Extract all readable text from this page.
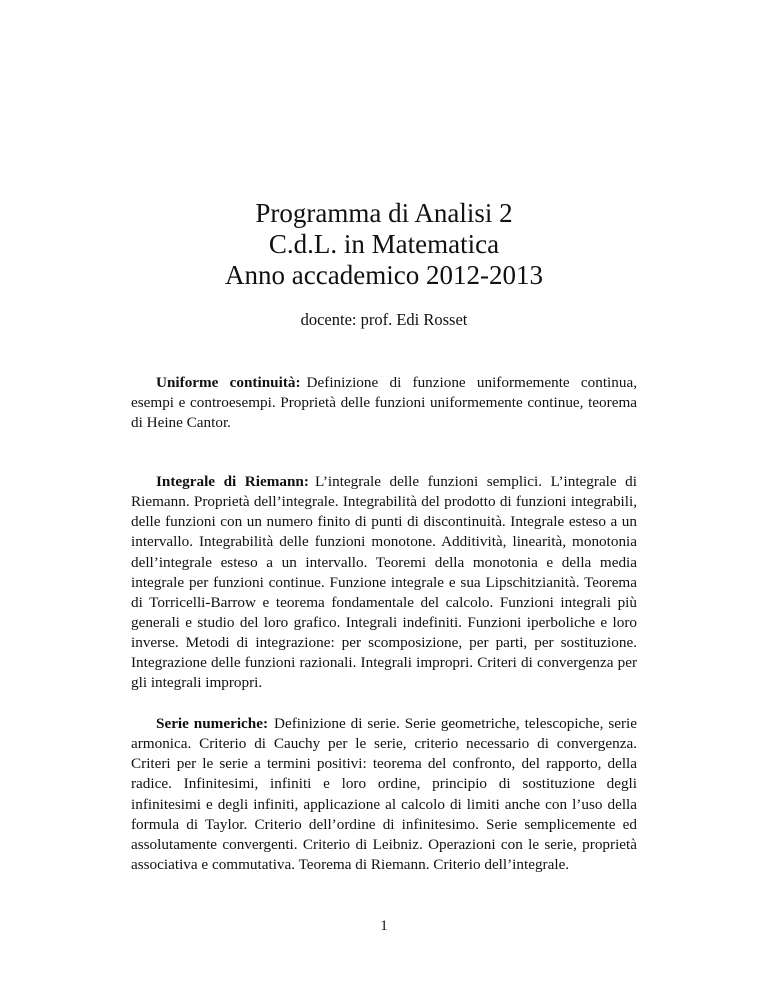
Programma di Analisi 2
C.d.L. in Matematica
Anno accademico 2012-2013
docente: prof. Edi Rosset

Uniforme continuità: Definizione di funzione uniformemente continua, esempi e controesempi. Proprietà delle funzioni uniformemente continue, teorema di Heine Cantor.

Integrale di Riemann: L’integrale delle funzioni semplici. L’integrale di Riemann. Proprietà dell’integrale. Integrabilità del prodotto di funzioni integrabili, delle funzioni con un numero finito di punti di discontinuità. Integrale esteso a un intervallo. Integrabilità delle funzioni monotone. Additività, linearità, monotonia dell’integrale esteso a un intervallo. Teoremi della monotonia e della media integrale per funzioni continue. Funzione integrale e sua Lipschitzianità. Teorema di Torricelli-Barrow e teorema fondamentale del calcolo. Funzioni integrali più generali e studio del loro grafico. Integrali indefiniti. Funzioni iperboliche e loro inverse. Metodi di integrazione: per scomposizione, per parti, per sostituzione. Integrazione delle funzioni razionali. Integrali impropri. Criteri di convergenza per gli integrali impropri.

Serie numeriche: Definizione di serie. Serie geometriche, telescopiche, serie armonica. Criterio di Cauchy per le serie, criterio necessario di convergenza. Criteri per le serie a termini positivi: teorema del confronto, del rapporto, della radice. Infinitesimi, infiniti e loro ordine, principio di sostituzione degli infinitesimi e degli infiniti, applicazione al calcolo di limiti anche con l’uso della formula di Taylor. Criterio dell’ordine di infinitesimo. Serie semplicemente ed assolutamente convergenti. Criterio di Leibniz. Operazioni con le serie, proprietà associativa e commutativa. Teorema di Riemann. Criterio dell’integrale.

1
